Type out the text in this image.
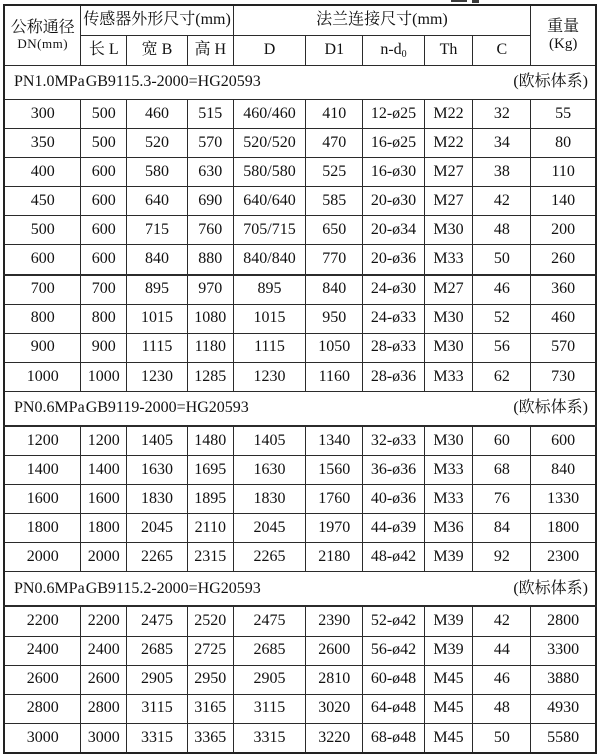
公称通径
DN(mm)
	传感器外形尺寸(mm)	法兰连接尺寸(mm)	重量
(Kg)

	长 L	宽 B	高 H	D	D1	$n-d_0$	Th	C	

PN1.0MPa GB9115.3-2000=HG20593 (欧标体系)									

300	500	460	515	460/460	410	12-ø25	M22	32	55
350	500	520	570	520/520	470	16-ø25	M22	34	80
400	600	580	630	580/580	525	16-ø30	M27	38	110
450	600	640	690	640/640	585	20-ø30	M27	42	140
500	600	715	760	705/715	650	20-ø34	M30	48	200
600	600	840	880	840/840	770	20-ø36	M33	50	260
700	700	895	970	895	840	24-ø30	M27	46	360
800	800	1015	1080	1015	950	24-ø33	M30	52	460
900	900	1115	1180	1115	1050	28-ø33	M30	56	570
1000	1000	1230	1285	1230	1160	28-ø36	M33	62	730

PN0.6MPa GB9119-2000=HG20593 (欧标体系)									

1200	1200	1405	1480	1405	1340	32-ø33	M30	60	600
1400	1400	1630	1695	1630	1560	36-ø36	M33	68	840
1600	1600	1830	1895	1830	1760	40-ø36	M33	76	1330
1800	1800	2045	2110	2045	1970	44-ø39	M36	84	1800
2000	2000	2265	2315	2265	2180	48-ø42	M39	92	2300

PN0.6MPa GB9115.2-2000=HG20593 (欧标体系)									

2200	2200	2475	2520	2475	2390	52-ø42	M39	42	2800
2400	2400	2685	2725	2685	2600	56-ø42	M39	44	3300
2600	2600	2905	2950	2905	2810	60-ø48	M45	46	3880
2800	2800	3115	3165	3115	3020	64-ø48	M45	48	4930
3000	3000	3315	3365	3315	3220	68-ø48	M45	50	5580
